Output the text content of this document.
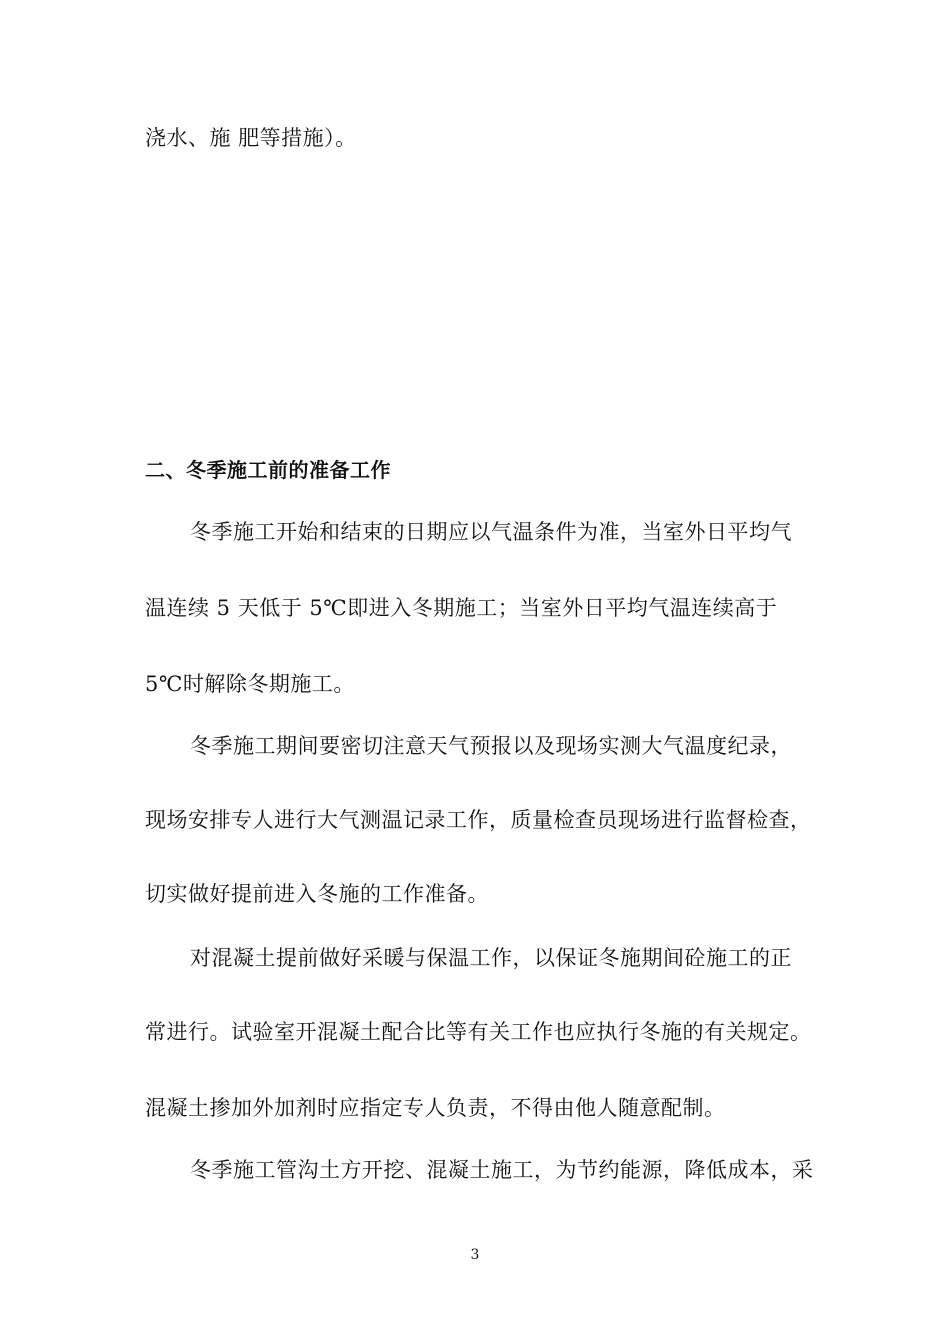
浇水、施 肥等措施）。
二、冬季施工前的准备工作
冬季施工开始和结束的日期应以气温条件为准，当室外日平均气
温连续 5 天低于 5℃即进入冬期施工；当室外日平均气温连续高于
5℃时解除冬期施工。
冬季施工期间要密切注意天气预报以及现场实测大气温度纪录，
现场安排专人进行大气测温记录工作，质量检查员现场进行监督检查，
切实做好提前进入冬施的工作准备。
对混凝土提前做好采暖与保温工作，以保证冬施期间砼施工的正
常进行。试验室开混凝土配合比等有关工作也应执行冬施的有关规定。
混凝土掺加外加剂时应指定专人负责，不得由他人随意配制。
冬季施工管沟土方开挖、混凝土施工，为节约能源，降低成本，采
3
